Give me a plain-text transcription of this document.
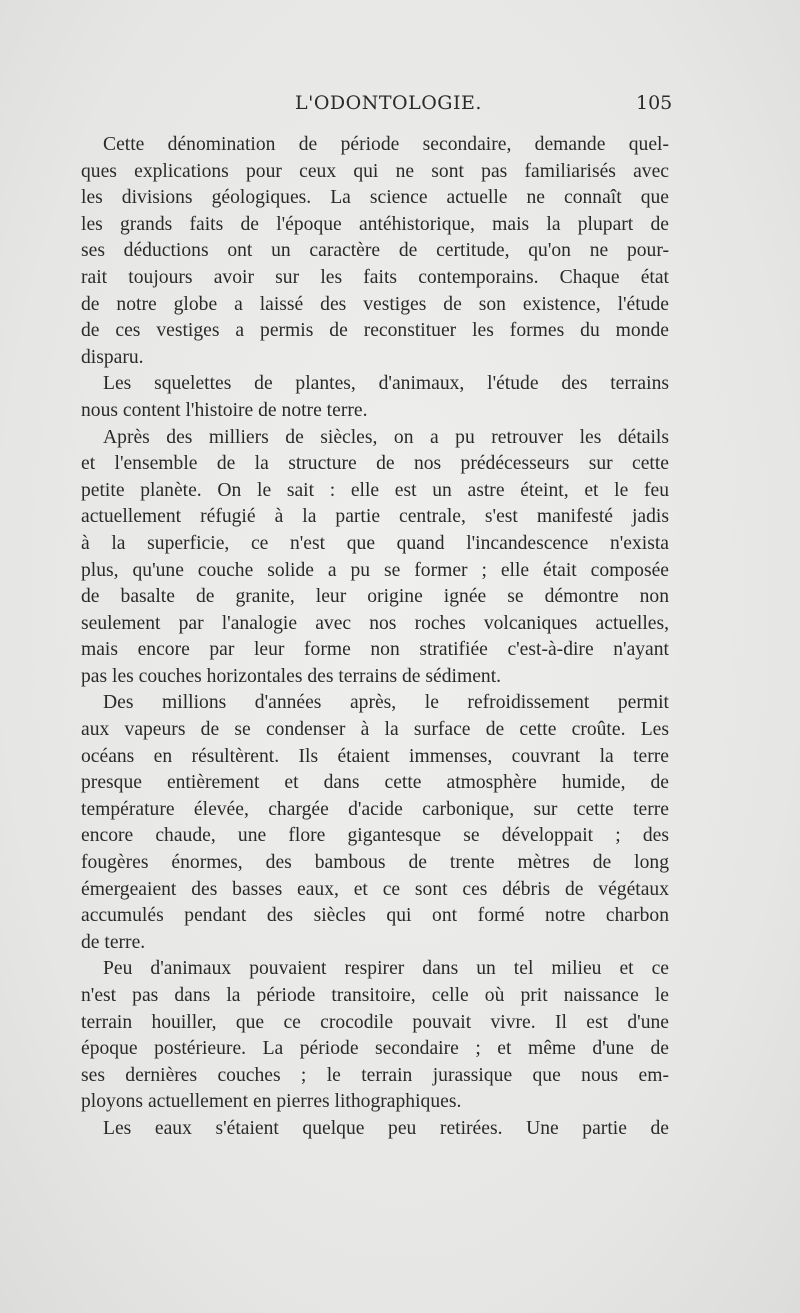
L'ODONTOLOGIE.	105
Cette dénomination de période secondaire, demande quel-
ques explications pour ceux qui ne sont pas familiarisés avec
les divisions géologiques. La science actuelle ne connaît que
les grands faits de l'époque antéhistorique, mais la plupart de
ses déductions ont un caractère de certitude, qu'on ne pour-
rait toujours avoir sur les faits contemporains. Chaque état
de notre globe a laissé des vestiges de son existence, l'étude
de ces vestiges a permis de reconstituer les formes du monde
disparu.
Les squelettes de plantes, d'animaux, l'étude des terrains
nous content l'histoire de notre terre.
Après des milliers de siècles, on a pu retrouver les détails
et l'ensemble de la structure de nos prédécesseurs sur cette
petite planète. On le sait : elle est un astre éteint, et le feu
actuellement réfugié à la partie centrale, s'est manifesté jadis
à la superficie, ce n'est que quand l'incandescence n'exista
plus, qu'une couche solide a pu se former ; elle était composée
de basalte de granite, leur origine ignée se démontre non
seulement par l'analogie avec nos roches volcaniques actuelles,
mais encore par leur forme non stratifiée c'est-à-dire n'ayant
pas les couches horizontales des terrains de sédiment.
Des millions d'années après, le refroidissement permit
aux vapeurs de se condenser à la surface de cette croûte. Les
océans en résultèrent. Ils étaient immenses, couvrant la terre
presque entièrement et dans cette atmosphère humide, de
température élevée, chargée d'acide carbonique, sur cette terre
encore chaude, une flore gigantesque se développait ; des
fougères énormes, des bambous de trente mètres de long
émergeaient des basses eaux, et ce sont ces débris de végétaux
accumulés pendant des siècles qui ont formé notre charbon
de terre.
Peu d'animaux pouvaient respirer dans un tel milieu et ce
n'est pas dans la période transitoire, celle où prit naissance le
terrain houiller, que ce crocodile pouvait vivre. Il est d'une
époque postérieure. La période secondaire ; et même d'une de
ses dernières couches ; le terrain jurassique que nous em-
ployons actuellement en pierres lithographiques.
Les eaux s'étaient quelque peu retirées. Une partie de
